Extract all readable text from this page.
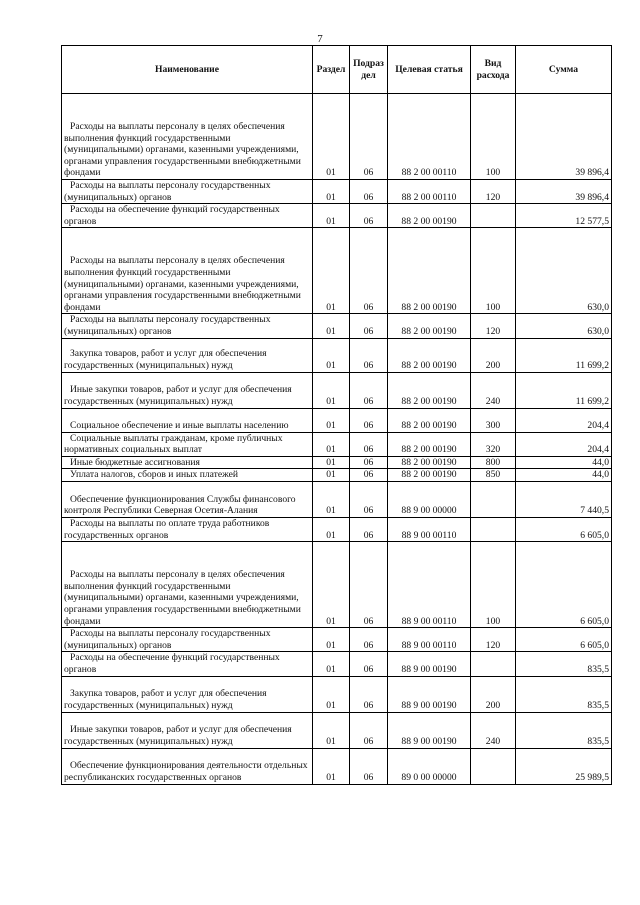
7
Наименование	Раздел	Подраз дел	Целевая статья	Вид расхода	Сумма

Расходы на выплаты персоналу в целях обеспечения выполнения функций государственными (муниципальными) органами, казенными учреждениями, органами управления государственными внебюджетными фондами	01	06	88 2 00 00110	100	39 896,4

Расходы на выплаты персоналу государственных (муниципальных) органов	01	06	88 2 00 00110	120	39 896,4

Расходы на обеспечение функций государственных органов	01	06	88 2 00 00190		12 577,5

Расходы на выплаты персоналу в целях обеспечения выполнения функций государственными (муниципальными) органами, казенными учреждениями, органами управления государственными внебюджетными фондами	01	06	88 2 00 00190	100	630,0

Расходы на выплаты персоналу государственных (муниципальных) органов	01	06	88 2 00 00190	120	630,0

Закупка товаров, работ и услуг для обеспечения государственных (муниципальных) нужд	01	06	88 2 00 00190	200	11 699,2

Иные закупки товаров, работ и услуг для обеспечения государственных (муниципальных) нужд	01	06	88 2 00 00190	240	11 699,2

Социальное обеспечение и иные выплаты населению	01	06	88 2 00 00190	300	204,4

Социальные выплаты гражданам, кроме публичных нормативных социальных выплат	01	06	88 2 00 00190	320	204,4

Иные бюджетные ассигнования	01	06	88 2 00 00190	800	44,0

Уплата налогов, сборов и иных платежей	01	06	88 2 00 00190	850	44,0

Обеспечение функционирования Службы финансового контроля Республики Северная Осетия-Алания	01	06	88 9 00 00000		7 440,5

Расходы на выплаты по оплате труда работников государственных органов	01	06	88 9 00 00110		6 605,0

Расходы на выплаты персоналу в целях обеспечения выполнения функций государственными (муниципальными) органами, казенными учреждениями, органами управления государственными внебюджетными фондами	01	06	88 9 00 00110	100	6 605,0

Расходы на выплаты персоналу государственных (муниципальных) органов	01	06	88 9 00 00110	120	6 605,0

Расходы на обеспечение функций государственных органов	01	06	88 9 00 00190		835,5

Закупка товаров, работ и услуг для обеспечения государственных (муниципальных) нужд	01	06	88 9 00 00190	200	835,5

Иные закупки товаров, работ и услуг для обеспечения государственных (муниципальных) нужд	01	06	88 9 00 00190	240	835,5

Обеспечение функционирования деятельности отдельных республиканских государственных органов	01	06	89 0 00 00000		25 989,5
